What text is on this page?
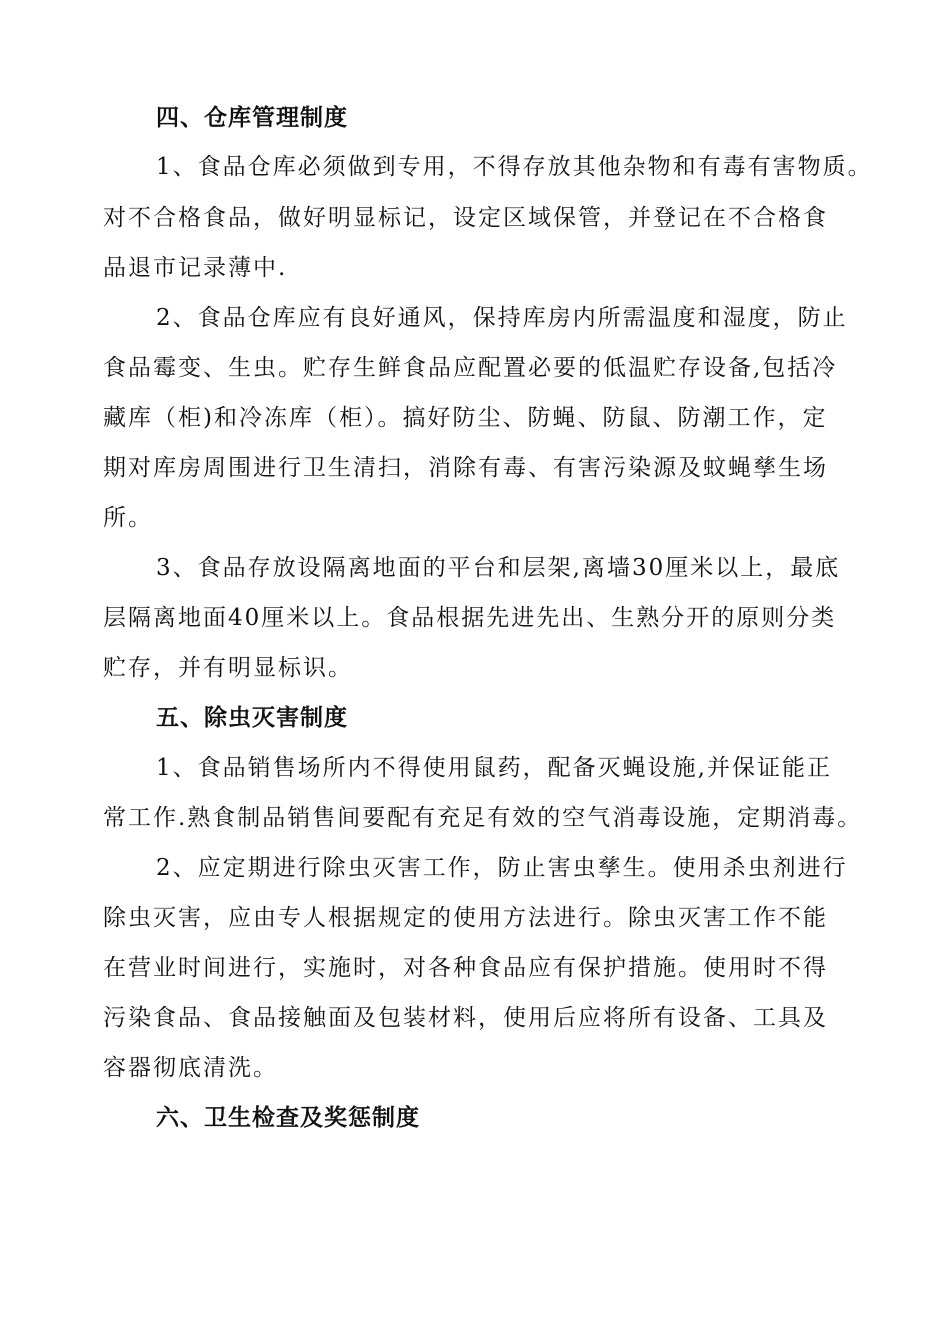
四、仓库管理制度
1、食品仓库必须做到专用，不得存放其他杂物和有毒有害物质。
对不合格食品，做好明显标记，设定区域保管，并登记在不合格食
品退市记录薄中.
2、食品仓库应有良好通风，保持库房内所需温度和湿度，防止
食品霉变、生虫。贮存生鲜食品应配置必要的低温贮存设备,包括冷
藏库（柜)和冷冻库（柜）。搞好防尘、防蝇、防鼠、防潮工作，定
期对库房周围进行卫生清扫，消除有毒、有害污染源及蚊蝇孳生场
所。
3、食品存放设隔离地面的平台和层架,离墙30厘米以上，最底
层隔离地面40厘米以上。食品根据先进先出、生熟分开的原则分类
贮存，并有明显标识。
五、除虫灭害制度
1、食品销售场所内不得使用鼠药，配备灭蝇设施,并保证能正
常工作.熟食制品销售间要配有充足有效的空气消毒设施，定期消毒。
2、应定期进行除虫灭害工作，防止害虫孳生。使用杀虫剂进行
除虫灭害，应由专人根据规定的使用方法进行。除虫灭害工作不能
在营业时间进行，实施时，对各种食品应有保护措施。使用时不得
污染食品、食品接触面及包装材料，使用后应将所有设备、工具及
容器彻底清洗。
六、卫生检查及奖惩制度
